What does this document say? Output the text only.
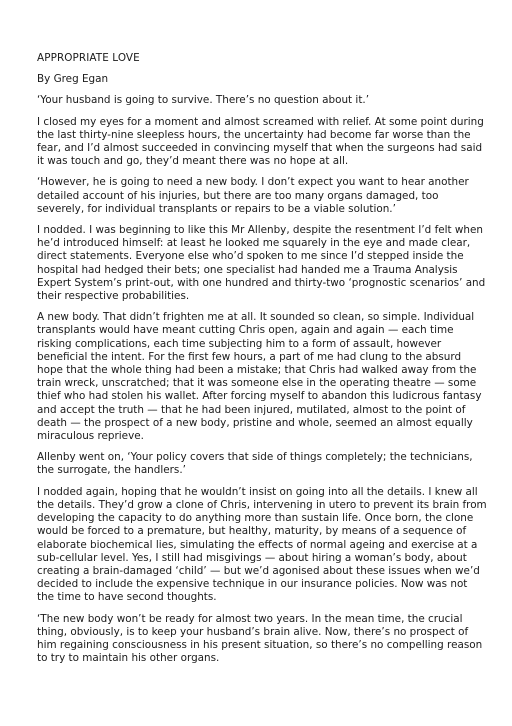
APPROPRIATE LOVE

By Greg Egan

‘Your husband is going to survive. There’s no question about it.’

I closed my eyes for a moment and almost screamed with relief. At some point during the last thirty-nine sleepless hours, the uncertainty had become far worse than the fear, and I’d almost succeeded in convincing myself that when the surgeons had said it was touch and go, they’d meant there was no hope at all.

‘However, he is going to need a new body. I don’t expect you want to hear another detailed account of his injuries, but there are too many organs damaged, too severely, for individual transplants or repairs to be a viable solution.’

I nodded. I was beginning to like this Mr Allenby, despite the resentment I’d felt when he’d introduced himself: at least he looked me squarely in the eye and made clear, direct statements. Everyone else who’d spoken to me since I’d stepped inside the hospital had hedged their bets; one specialist had handed me a Trauma Analysis Expert System’s print-out, with one hundred and thirty-two ‘prognostic scenarios’ and their respective probabilities.

A new body. That didn’t frighten me at all. It sounded so clean, so simple. Individual transplants would have meant cutting Chris open, again and again — each time risking complications, each time subjecting him to a form of assault, however beneficial the intent. For the first few hours, a part of me had clung to the absurd hope that the whole thing had been a mistake; that Chris had walked away from the train wreck, unscratched; that it was someone else in the operating theatre — some thief who had stolen his wallet. After forcing myself to abandon this ludicrous fantasy and accept the truth — that he had been injured, mutilated, almost to the point of death — the prospect of a new body, pristine and whole, seemed an almost equally miraculous reprieve.

Allenby went on, ‘Your policy covers that side of things completely; the technicians, the surrogate, the handlers.’

I nodded again, hoping that he wouldn’t insist on going into all the details. I knew all the details. They’d grow a clone of Chris, intervening in utero to prevent its brain from developing the capacity to do anything more than sustain life. Once born, the clone would be forced to a premature, but healthy, maturity, by means of a sequence of elaborate biochemical lies, simulating the effects of normal ageing and exercise at a sub-cellular level. Yes, I still had misgivings — about hiring a woman’s body, about creating a brain-damaged ‘child’ — but we’d agonised about these issues when we’d decided to include the expensive technique in our insurance policies. Now was not the time to have second thoughts.

‘The new body won’t be ready for almost two years. In the mean time, the crucial thing, obviously, is to keep your husband’s brain alive. Now, there’s no prospect of him regaining consciousness in his present situation, so there’s no compelling reason to try to maintain his other organs.
